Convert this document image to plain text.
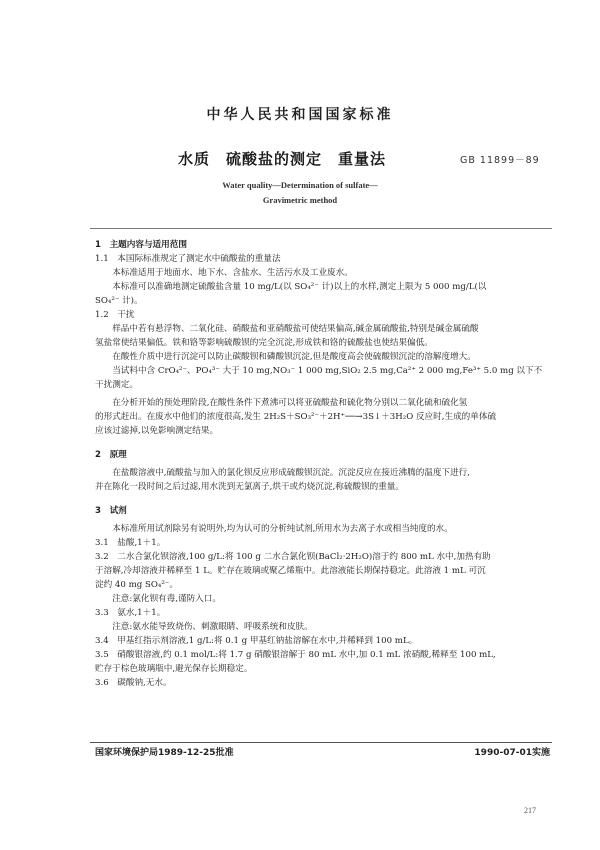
中华人民共和国国家标准
水质　硫酸盐的测定　重量法	GB 11899－89
Water quality—Determination of sulfate—
Gravimetric method
1　主题内容与适用范围

1.1　本国际标准规定了测定水中硫酸盐的重量法

本标准适用于地面水、地下水、含盐水、生活污水及工业废水。

本标准可以准确地测定硫酸盐含量 10 mg/L(以 SO₄²⁻ 计)以上的水样,测定上限为 5 000 mg/L(以

SO₄²⁻ 计)。

1.2　干扰

样品中若有悬浮物、二氧化硅、硝酸盐和亚硝酸盐可使结果偏高,碱金属硫酸盐,特别是碱金属硫酸

氢盐常使结果偏低。铁和铬等影响硫酸钡的完全沉淀,形成铁和铬的硫酸盐也使结果偏低。

在酸性介质中进行沉淀可以防止碳酸钡和磷酸钡沉淀,但是酸度高会使硫酸钡沉淀的溶解度增大。

当试料中含 CrO₄²⁻、PO₄³⁻ 大于 10 mg,NO₃⁻ 1 000 mg,SiO₂ 2.5 mg,Ca²⁺ 2 000 mg,Fe³⁺ 5.0 mg 以下不

干扰测定。

在分析开始的预处理阶段,在酸性条件下煮沸可以将亚硫酸盐和硫化物分别以二氧化硫和硫化氢

的形式赶出。在废水中他们的浓度很高,发生 2H₂S＋SO₃²⁻＋2H⁺──→3S↓＋3H₂O 反应时,生成的单体硫

应该过滤掉,以免影响测定结果。

2　原理

在盐酸溶液中,硫酸盐与加入的氯化钡反应形成硫酸钡沉淀。沉淀反应在接近沸腾的温度下进行,

并在陈化一段时间之后过滤,用水洗到无氯离子,烘干或灼烧沉淀,称硫酸钡的重量。

3　试剂

本标准所用试剂除另有说明外,均为认可的分析纯试剂,所用水为去离子水或相当纯度的水。

3.1　盐酸,1＋1。

3.2　二水合氯化钡溶液,100 g/L:将 100 g 二水合氯化钡(BaCl₂·2H₂O)溶于约 800 mL 水中,加热有助

于溶解,冷却溶液并稀释至 1 L。贮存在玻璃或聚乙烯瓶中。此溶液能长期保持稳定。此溶液 1 mL 可沉

淀约 40 mg SO₄²⁻。

注意:氯化钡有毒,谨防入口。

3.3　氨水,1＋1。

注意:氨水能导致烧伤、刺激眼睛、呼吸系统和皮肤。

3.4　甲基红指示剂溶液,1 g/L:将 0.1 g 甲基红钠盐溶解在水中,并稀释到 100 mL。

3.5　硝酸银溶液,约 0.1 mol/L:将 1.7 g 硝酸银溶解于 80 mL 水中,加 0.1 mL 浓硝酸,稀释至 100 mL,

贮存于棕色玻璃瓶中,避光保存长期稳定。

3.6　碳酸钠,无水。

国家环境保护局1989-12-25批准	1990-07-01实施
217
